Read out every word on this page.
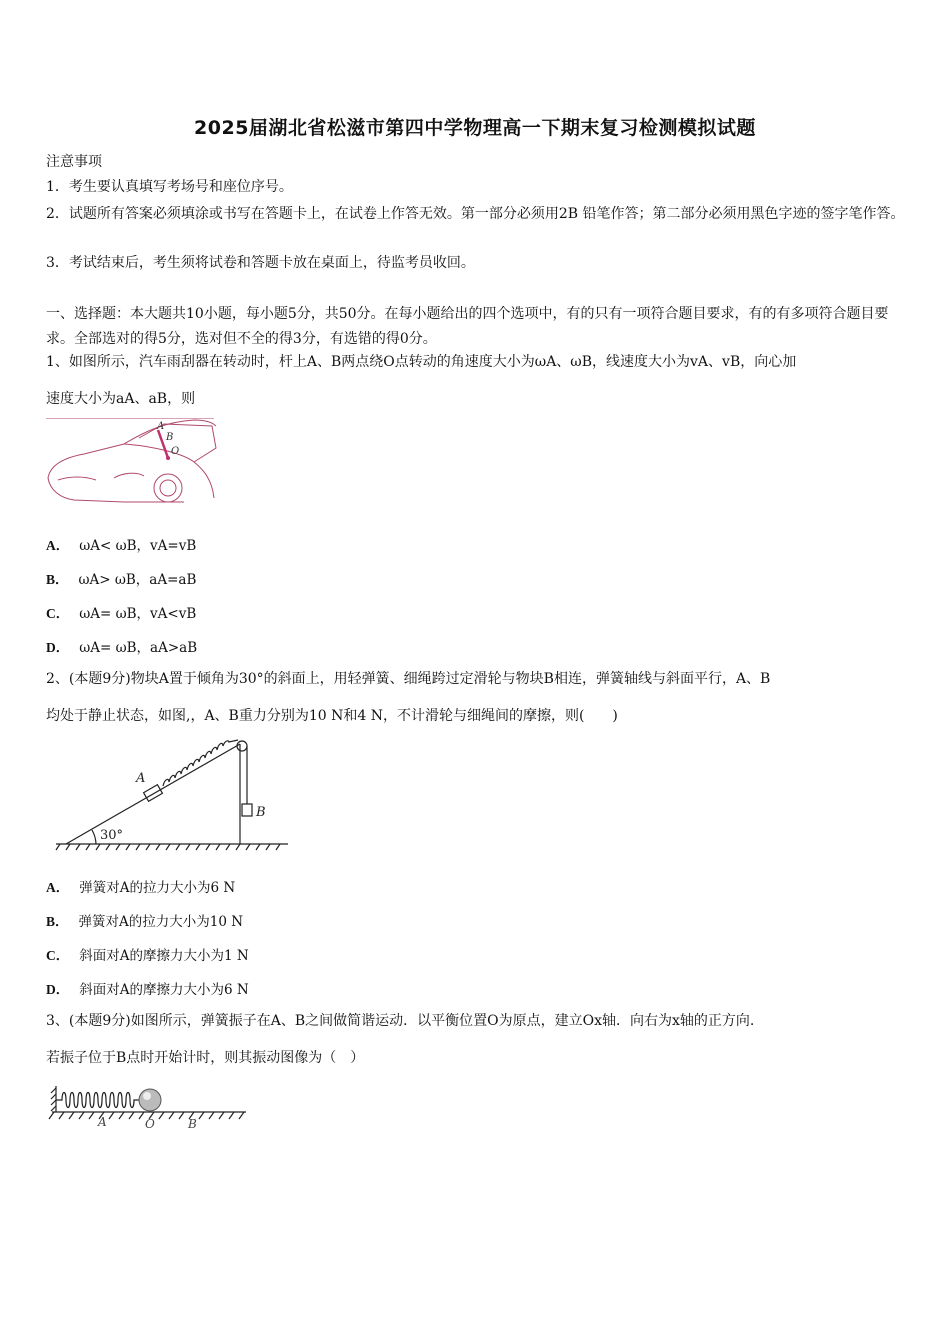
2025届湖北省松滋市第四中学物理高一下期末复习检测模拟试题
注意事项
1．考生要认真填写考场号和座位序号。
2．试题所有答案必须填涂或书写在答题卡上，在试卷上作答无效。第一部分必须用2B 铅笔作答；第二部分必须用黑色字迹的签字笔作答。
3．考试结束后，考生须将试卷和答题卡放在桌面上，待监考员收回。
一、选择题：本大题共10小题，每小题5分，共50分。在每小题给出的四个选项中，有的只有一项符合题目要求，有的有多项符合题目要求。全部选对的得5分，选对但不全的得3分，有选错的得0分。
1、如图所示，汽车雨刮器在转动时，杆上A、B两点绕O点转动的角速度大小为ωA、ωB，线速度大小为vA、vB，向心加
速度大小为aA、aB，则
A
B
O
A． ωA< ωB，vA=vB
B． ωA> ωB，aA=aB
C． ωA= ωB，vA<vB
D． ωA= ωB，aA>aB
2、(本题9分)物块A置于倾角为30°的斜面上，用轻弹簧、细绳跨过定滑轮与物块B相连，弹簧轴线与斜面平行，A、B
均处于静止状态，如图,，A、B重力分别为10 N和4 N，不计滑轮与细绳间的摩擦，则(　　)
A
B
30°
A． 弹簧对A的拉力大小为6 N
B． 弹簧对A的拉力大小为10 N
C． 斜面对A的摩擦力大小为1 N
D． 斜面对A的摩擦力大小为6 N
3、(本题9分)如图所示，弹簧振子在A、B之间做简谐运动．以平衡位置O为原点，建立Ox轴．向右为x轴的正方向.
若振子位于B点时开始计时，则其振动图像为（　）
A	O	B
